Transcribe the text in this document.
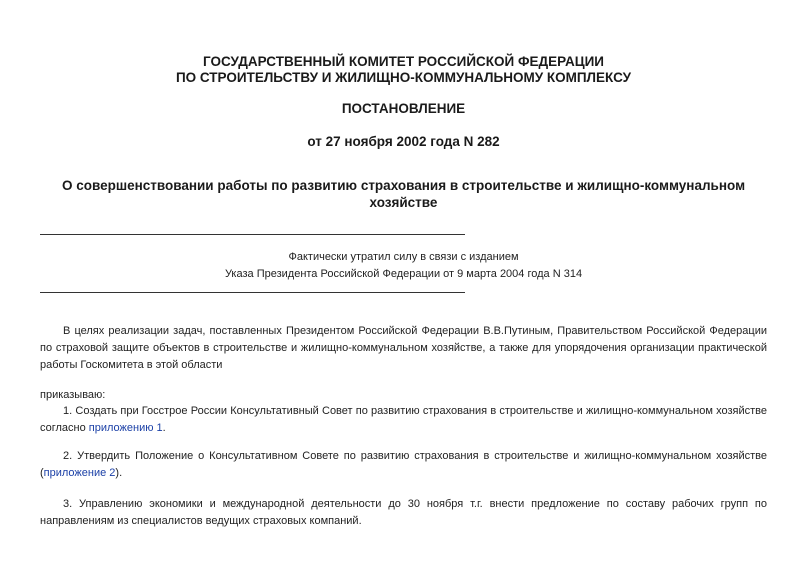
ГОСУДАРСТВЕННЫЙ КОМИТЕТ РОССИЙСКОЙ ФЕДЕРАЦИИ
ПО СТРОИТЕЛЬСТВУ И ЖИЛИЩНО-КОММУНАЛЬНОМУ КОМПЛЕКСУ
ПОСТАНОВЛЕНИЕ
от 27 ноября 2002 года N 282
О совершенствовании работы по развитию страхования в строительстве и жилищно-коммунальном хозяйстве
Фактически утратил силу в связи с изданием
Указа Президента Российской Федерации от 9 марта 2004 года N 314
В целях реализации задач, поставленных Президентом Российской Федерации В.В.Путиным, Правительством Российской Федерации по страховой защите объектов в строительстве и жилищно-коммунальном хозяйстве, а также для упорядочения организации практической работы Госкомитета в этой области
приказываю:
1. Создать при Госстрое России Консультативный Совет по развитию страхования в строительстве и жилищно-коммунальном хозяйстве согласно приложению 1.
2. Утвердить Положение о Консультативном Совете по развитию страхования в строительстве и жилищно-коммунальном хозяйстве (приложение 2).
3. Управлению экономики и международной деятельности до 30 ноября т.г. внести предложение по составу рабочих групп по направлениям из специалистов ведущих страховых компаний.
